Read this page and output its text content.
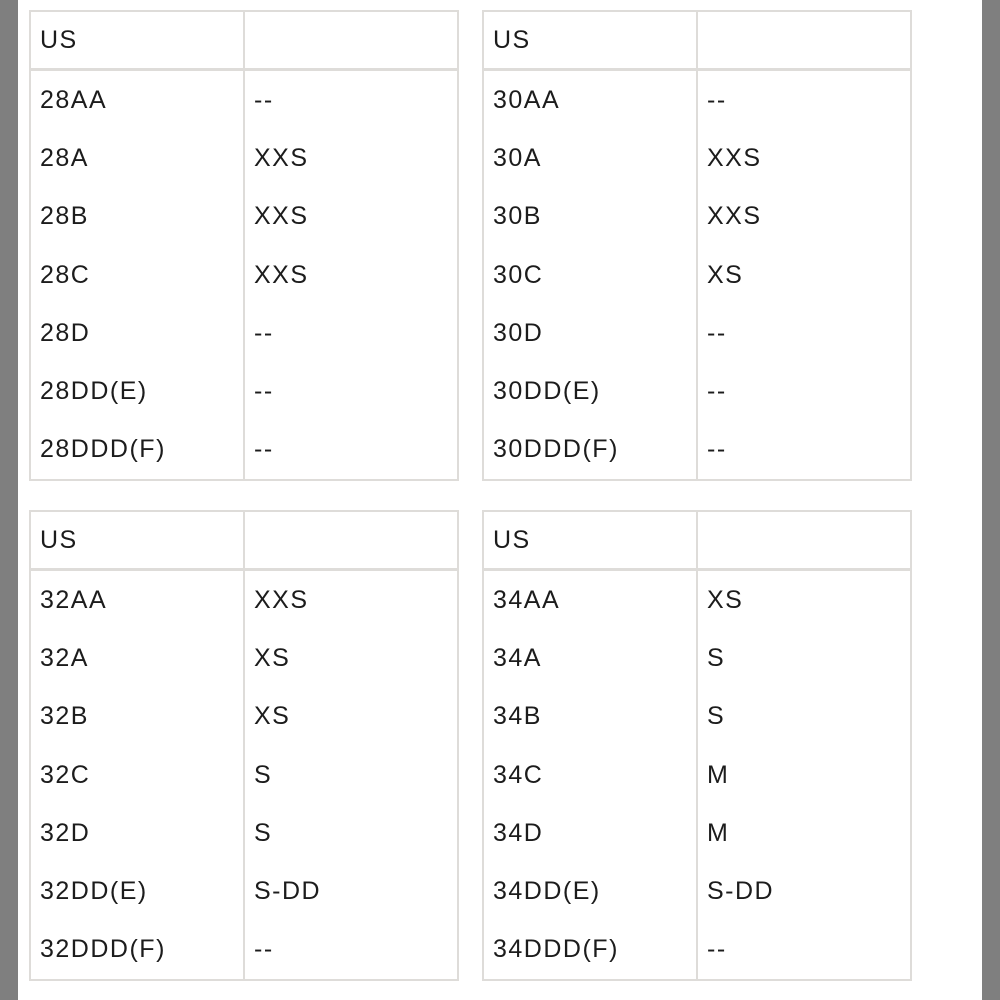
US	
28AA	--
28A	XXS
28B	XXS
28C	XXS
28D	--
28DD(E)	--
28DDD(F)	--
US	
30AA	--
30A	XXS
30B	XXS
30C	XS
30D	--
30DD(E)	--
30DDD(F)	--
US	
32AA	XXS
32A	XS
32B	XS
32C	S
32D	S
32DD(E)	S-DD
32DDD(F)	--
US	
34AA	XS
34A	S
34B	S
34C	M
34D	M
34DD(E)	S-DD
34DDD(F)	--
